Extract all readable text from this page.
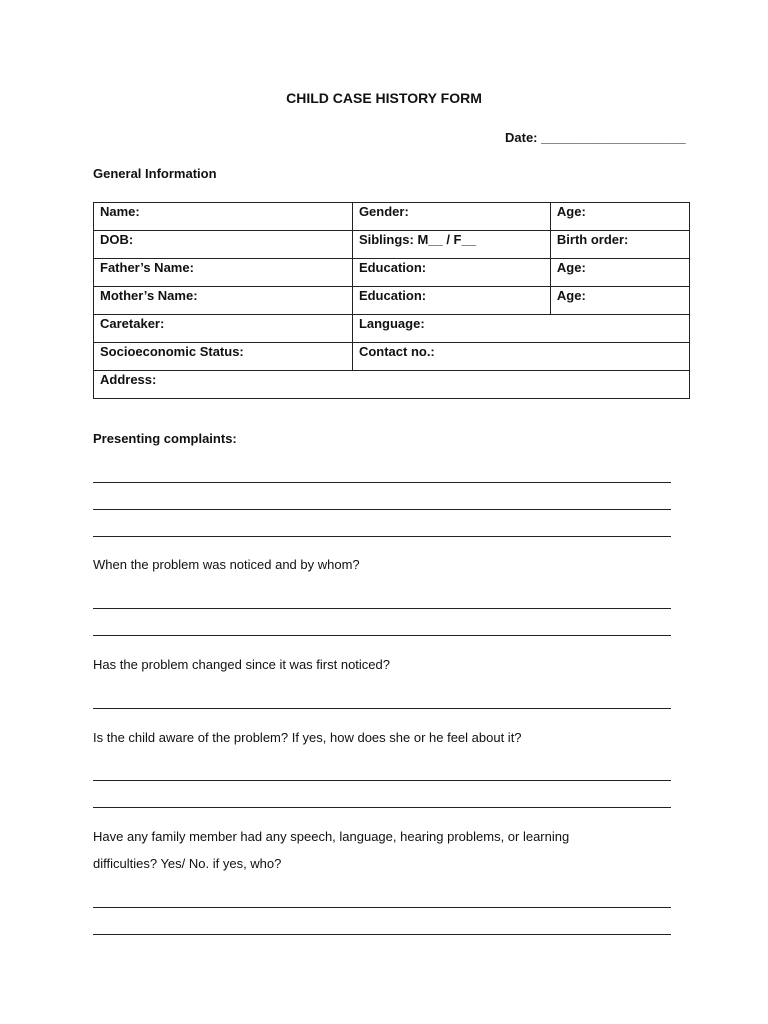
CHILD CASE HISTORY FORM
Date: ____________________
General Information
Name:	Gender:	Age:
DOB:	Siblings: M__ / F__	Birth order:
Father’s Name:	Education:	Age:
Mother’s Name:	Education:	Age:
Caretaker:	Language:	
Socioeconomic Status:	Contact no.:	
Address:		
Presenting complaints:
When the problem was noticed and by whom?
Has the problem changed since it was first noticed?
Is the child aware of the problem? If yes, how does she or he feel about it?
Have any family member had any speech, language, hearing problems, or learning
difficulties? Yes/ No. if yes, who?
